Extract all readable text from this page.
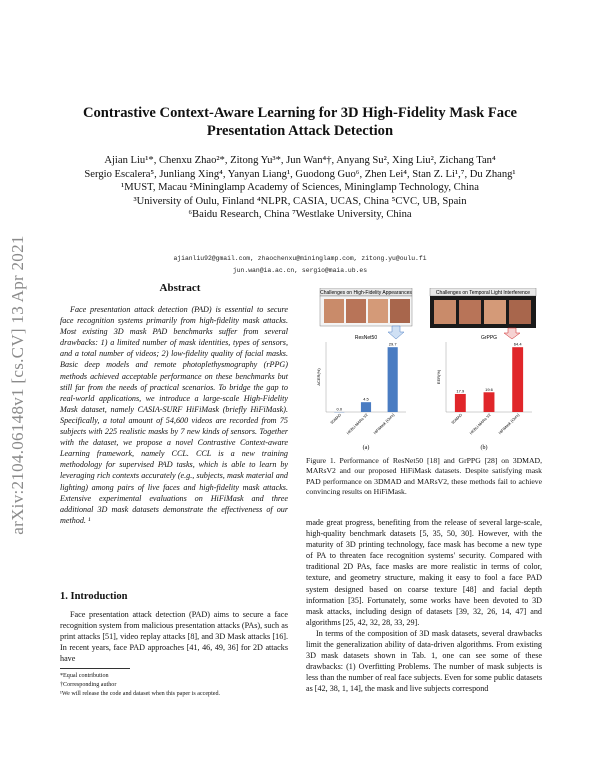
arXiv:2104.06148v1 [cs.CV] 13 Apr 2021
Contrastive Context-Aware Learning for 3D High-Fidelity Mask Face
Presentation Attack Detection
Ajian Liu¹*, Chenxu Zhao²*, Zitong Yu³*, Jun Wan⁴†, Anyang Su², Xing Liu², Zichang Tan⁴
Sergio Escalera⁵, Junliang Xing⁴, Yanyan Liang¹, Guodong Guo⁶, Zhen Lei⁴, Stan Z. Li¹,⁷, Du Zhang¹
¹MUST, Macau ²Mininglamp Academy of Sciences, Mininglamp Technology, China
³University of Oulu, Finland ⁴NLPR, CASIA, UCAS, China ⁵CVC, UB, Spain
⁶Baidu Research, China ⁷Westlake University, China
ajianliu92@gmail.com, zhaochenxu@mininglamp.com, zitong.yu@oulu.fi
jun.wan@ia.ac.cn, sergio@maia.ub.es
Abstract

Face presentation attack detection (PAD) is essential to secure face recognition systems primarily from high-fidelity mask attacks. Most existing 3D mask PAD benchmarks suffer from several drawbacks: 1) a limited number of mask identities, types of sensors, and a total number of videos; 2) low-fidelity quality of facial masks. Basic deep models and remote photoplethysmography (rPPG) methods achieved acceptable performance on these benchmarks but still far from the needs of practical scenarios. To bridge the gap to real-world applications, we introduce a large-scale High-Fidelity Mask dataset, namely CASIA-SURF HiFiMask (briefly HiFiMask). Specifically, a total amount of 54,600 videos are recorded from 75 subjects with 225 realistic masks by 7 new kinds of sensors. Together with the dataset, we propose a novel Contrastive Context-aware Learning framework, namely CCL. CCL is a new training methodology for supervised PAD tasks, which is able to learn by leveraging rich contexts accurately (e.g., subjects, mask material and lighting) among pairs of live faces and high-fidelity mask attacks. Extensive experimental evaluations on HiFiMask and three additional 3D mask datasets demonstrate the effectiveness of our method. ¹

1. Introduction

Face presentation attack detection (PAD) aims to secure a face recognition system from malicious presentation attacks (PAs), such as print attacks [51], video replay attacks [8], and 3D Mask attacks [16]. In recent years, face PAD approaches [41, 46, 49, 36] for 2D attacks have

*Equal contribution
†Corresponding author
¹We will release the code and dataset when this paper is accepted.
Challenges on High-Fidelity Appearances	Challenges on Temporal Light Interference
ResNet50
ACER(%)
0.0
3DMAD
4.5
HKBU-MARs V2
29.7
HiFiMask (Ours)
GrPPG
EER(%)
17.9
3DMAD
19.6
HKBU-MARs V2
64.4
HiFiMask (Ours)
(a)	(b)
Figure 1. Performance of ResNet50 [18] and GrPPG [28] on 3DMAD, MARsV2 and our proposed HiFiMask datasets. Despite satisfying mask PAD performance on 3DMAD and MARsV2, these methods fail to achieve convincing results on HiFiMask.

made great progress, benefiting from the release of several large-scale, high-quality benchmark datasets [5, 35, 50, 30]. However, with the maturity of 3D printing technology, face mask has become a new type of PA to threaten face recognition systems' security. Compared with traditional 2D PAs, face masks are more realistic in terms of color, texture, and geometry structure, making it easy to fool a face PAD system designed based on coarse texture [48] and facial depth information [35]. Fortunately, some works have been devoted to 3D mask attacks, including design of datasets [39, 32, 26, 14, 47] and algorithms [25, 42, 32, 28, 33, 29].

In terms of the composition of 3D mask datasets, several drawbacks limit the generalization ability of data-driven algorithms. From existing 3D mask datasets shown in Tab. 1, one can see some of these drawbacks: (1) Overfitting Problems. The number of mask subjects is less than the number of real face subjects. Even for some public datasets as [42, 38, 1, 14], the mask and live subjects correspond
